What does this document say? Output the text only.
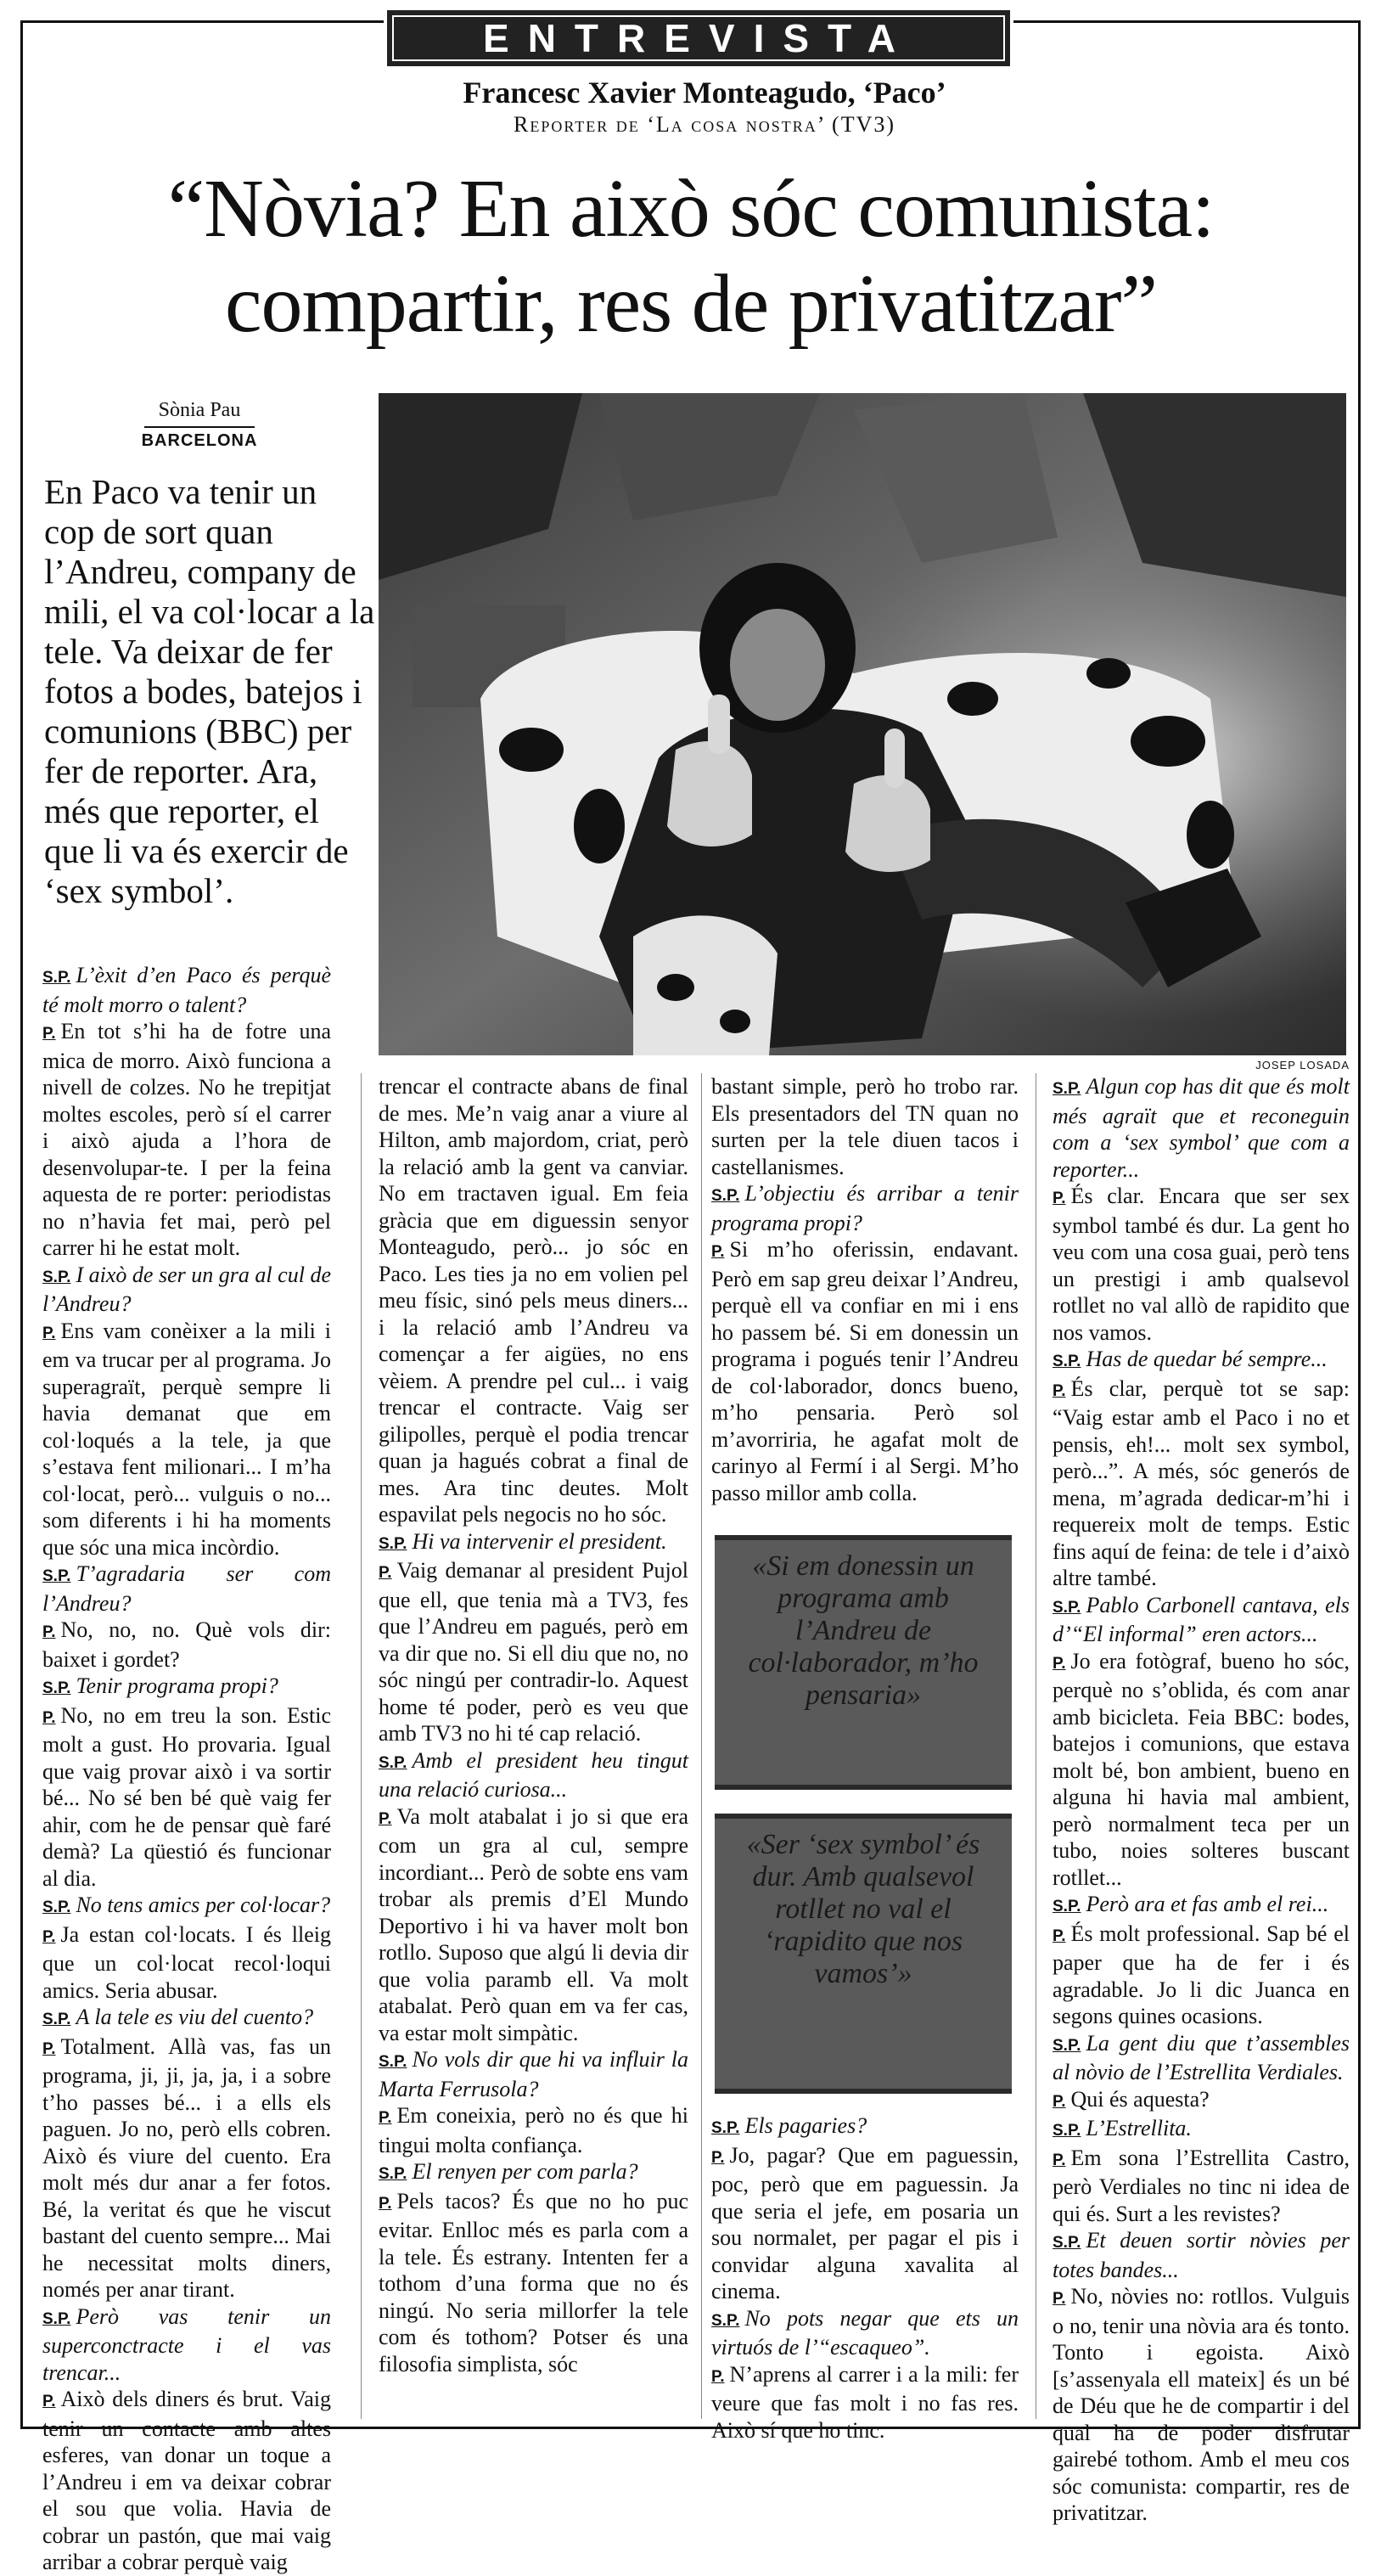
ENTREVISTA
Francesc Xavier Monteagudo, ‘Paco’
Reporter de ‘La cosa nostra’ (TV3)
“Nòvia? En això sóc comunista:
compartir, res de privatitzar”
Sònia Pau
BARCELONA
En Paco va tenir un cop de sort quan l’Andreu, company de mili, el va col·locar a la tele. Va deixar de fer fotos a bodes, batejos i comunions (BBC) per fer de reporter. Ara, més que reporter, el que li va és exercir de ‘sex symbol’.
JOSEP LOSADA

S.P. L’èxit d’en Paco és perquè té molt morro o talent?

P. En tot s’hi ha de fotre una mica de morro. Això funciona a nivell de colzes. No he trepitjat moltes escoles, però sí el carrer i això ajuda a l’hora de desenvolupar-te. I per la feina aquesta de re porter: periodistas no n’havia fet mai, però pel carrer hi he estat molt.

S.P. I això de ser un gra al cul de l’Andreu?

P. Ens vam conèixer a la mili i em va trucar per al programa. Jo superagraït, perquè sempre li havia demanat que em col·loqués a la tele, ja que s’estava fent milionari... I m’ha col·locat, però... vulguis o no... som diferents i hi ha moments que sóc una mica incòrdio.

S.P. T’agradaria ser com l’Andreu?

P. No, no, no. Què vols dir: baixet i gordet?

S.P. Tenir programa propi?

P. No, no em treu la son. Estic molt a gust. Ho provaria. Igual que vaig provar això i va sortir bé... No sé ben bé què vaig fer ahir, com he de pensar què faré demà? La qüestió és funcionar al dia.

S.P. No tens amics per col·locar?

P. Ja estan col·locats. I és lleig que un col·locat recol·loqui amics. Seria abusar.

S.P. A la tele es viu del cuento?

P. Totalment. Allà vas, fas un programa, ji, ji, ja, ja, i a sobre t’ho passes bé... i a ells els paguen. Jo no, però ells cobren. Això és viure del cuento. Era molt més dur anar a fer fotos. Bé, la veritat és que he viscut bastant del cuento sempre... Mai he necessitat molts diners, només per anar tirant.

S.P. Però vas tenir un superconctracte i el vas trencar...

P. Això dels diners és brut. Vaig tenir un contacte amb altes esferes, van donar un toque a l’Andreu i em va deixar cobrar el sou que volia. Havia de cobrar un pastón, que mai vaig arribar a cobrar perquè vaig

trencar el contracte abans de final de mes. Me’n vaig anar a viure al Hilton, amb majordom, criat, però la relació amb la gent va canviar. No em tractaven igual. Em feia gràcia que em diguessin senyor Monteagudo, però... jo sóc en Paco. Les ties ja no em volien pel meu físic, sinó pels meus diners... i la relació amb l’Andreu va començar a fer aigües, no ens vèiem. A prendre pel cul... i vaig trencar el contracte. Vaig ser gilipolles, perquè el podia trencar quan ja hagués cobrat a final de mes. Ara tinc deutes. Molt espavilat pels negocis no ho sóc.

S.P. Hi va intervenir el president.

P. Vaig demanar al president Pujol que ell, que tenia mà a TV3, fes que l’Andreu em pagués, però em va dir que no. Si ell diu que no, no sóc ningú per contradir-lo. Aquest home té poder, però es veu que amb TV3 no hi té cap relació.

S.P. Amb el president heu tingut una relació curiosa...

P. Va molt atabalat i jo si que era com un gra al cul, sempre incordiant... Però de sobte ens vam trobar als premis d’El Mundo Deportivo i hi va haver molt bon rotllo. Suposo que algú li devia dir que volia paramb ell. Va molt atabalat. Però quan em va fer cas, va estar molt simpàtic.

S.P. No vols dir que hi va influir la Marta Ferrusola?

P. Em coneixia, però no és que hi tingui molta confiança.

S.P. El renyen per com parla?

P. Pels tacos? És que no ho puc evitar. Enlloc més es parla com a la tele. És estrany. Intenten fer a tothom d’una forma que no és ningú. No seria millorfer la tele com és tothom? Potser és una filosofia simplista, sóc

bastant simple, però ho trobo rar. Els presentadors del TN quan no surten per la tele diuen tacos i castellanismes.

S.P. L’objectiu és arribar a tenir programa propi?

P. Si m’ho oferissin, endavant. Però em sap greu deixar l’Andreu, perquè ell va confiar en mi i ens ho passem bé. Si em donessin un programa i pogués tenir l’Andreu de col·laborador, doncs bueno, m’ho pensaria. Però sol m’avorriria, he agafat molt de carinyo al Fermí i al Sergi. M’ho passo millor amb colla.

S.P. Els pagaries?

P. Jo, pagar? Que em paguessin, poc, però que em paguessin. Ja que seria el jefe, em posaria un sou normalet, per pagar el pis i convidar alguna xavalita al cinema.

S.P. No pots negar que ets un virtuós de l’“escaqueo”.

P. N’aprens al carrer i a la mili: fer veure que fas molt i no fas res. Això sí que ho tinc.

S.P. Algun cop has dit que és molt més agraït que et reconeguin com a ‘sex symbol’ que com a reporter...

P. És clar. Encara que ser sex symbol també és dur. La gent ho veu com una cosa guai, però tens un prestigi i amb qualsevol rotllet no val allò de rapidito que nos vamos.

S.P. Has de quedar bé sempre...

P. És clar, perquè tot se sap: “Vaig estar amb el Paco i no et pensis, eh!... molt sex symbol, però...”. A més, sóc generós de mena, m’agrada dedicar-m’hi i requereix molt de temps. Estic fins aquí de feina: de tele i d’això altre també.

S.P. Pablo Carbonell cantava, els d’“El informal” eren actors...

P. Jo era fotògraf, bueno ho sóc, perquè no s’oblida, és com anar amb bicicleta. Feia BBC: bodes, batejos i comunions, que estava molt bé, bon ambient, bueno en alguna hi havia mal ambient, però normalment teca per un tubo, noies solteres buscant rotllet...

S.P. Però ara et fas amb el rei...

P. És molt professional. Sap bé el paper que ha de fer i és agradable. Jo li dic Juanca en segons quines ocasions.

S.P. La gent diu que t’assembles al nòvio de l’Estrellita Verdiales.

P. Qui és aquesta?

S.P. L’Estrellita.

P. Em sona l’Estrellita Castro, però Verdiales no tinc ni idea de qui és. Surt a les revistes?

S.P. Et deuen sortir nòvies per totes bandes...

P. No, nòvies no: rotllos. Vulguis o no, tenir una nòvia ara és tonto. Tonto i egoista. Això [s’assenyala ell mateix] és un bé de Déu que he de compartir i del qual ha de poder disfrutar gairebé tothom. Amb el meu cos sóc comunista: compartir, res de privatitzar.

«Si em donessin un programa amb l’Andreu de col·laborador, m’ho pensaria»
«Ser ‘sex symbol’ és dur. Amb qualsevol rotllet no val el ‘rapidito que nos vamos’»
